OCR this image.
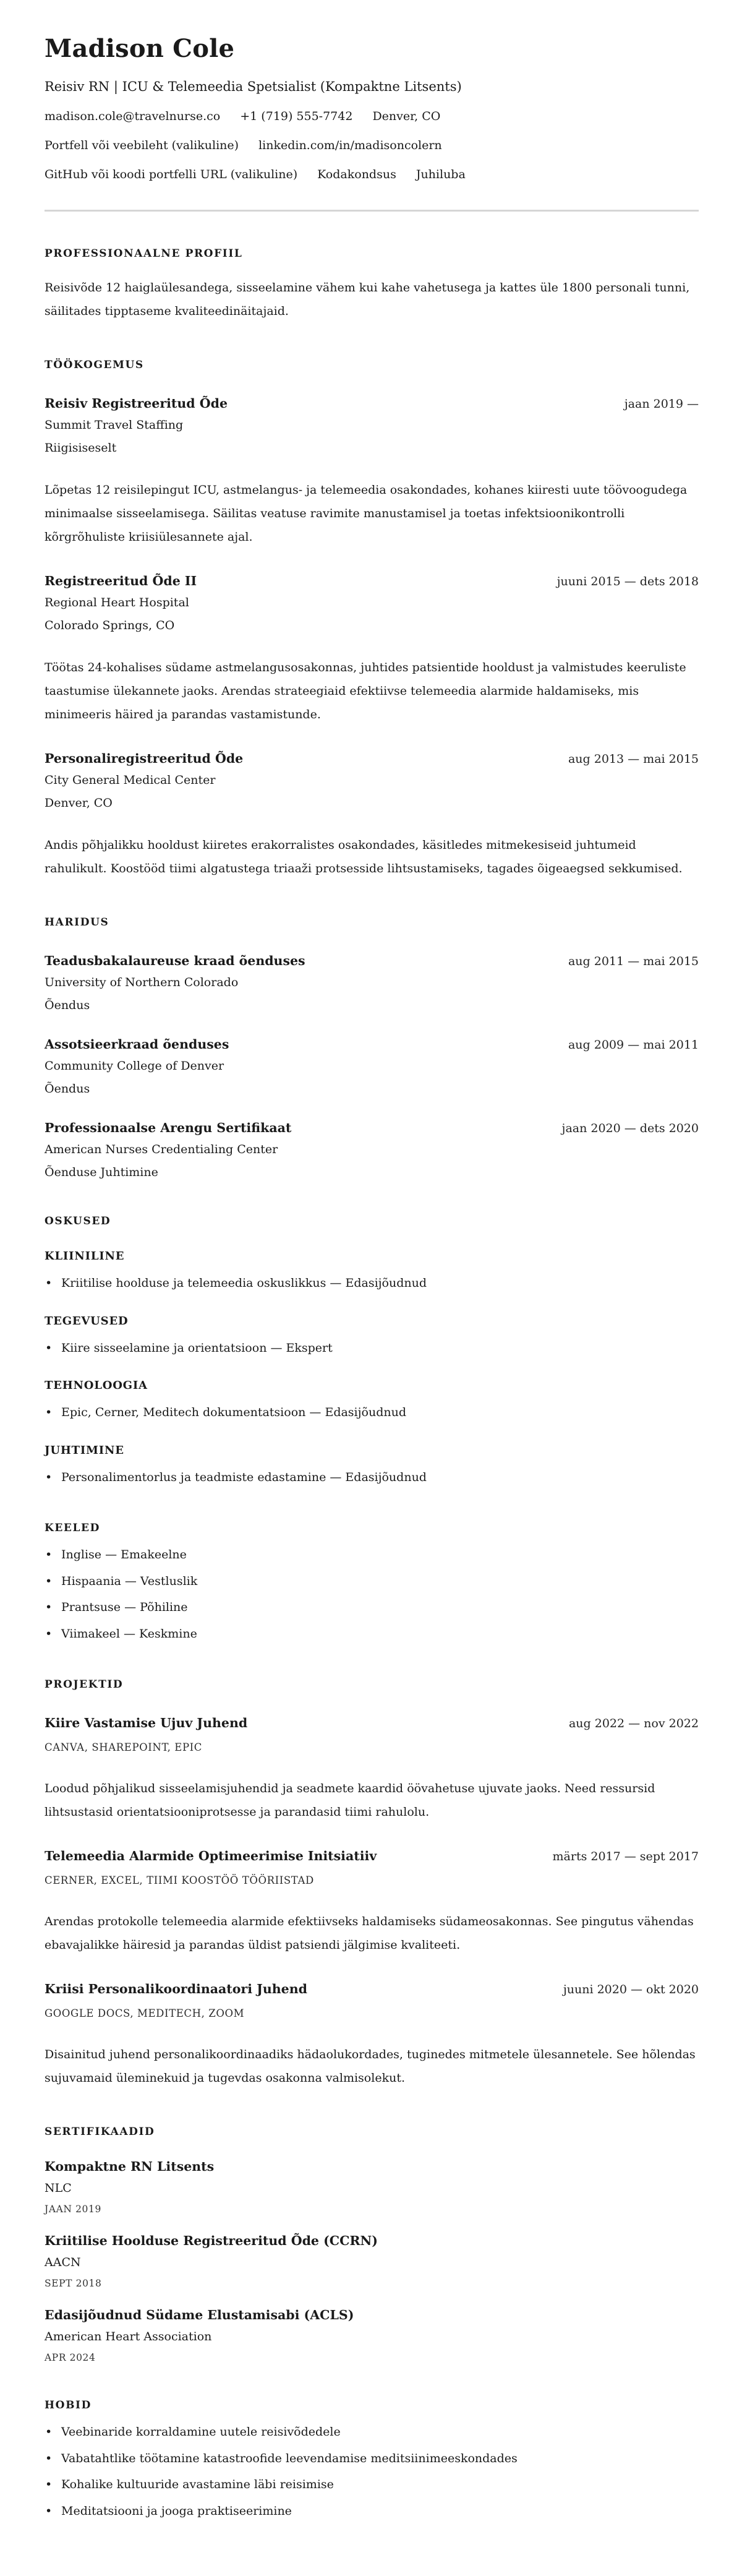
Madison Cole
Reisiv RN | ICU & Telemeedia Spetsialist (Kompaktne Litsents)
madison.cole@travelnurse.co +1 (719) 555-7742 Denver, CO
Portfell või veebileht (valikuline) linkedin.com/in/madisoncolern
GitHub või koodi portfelli URL (valikuline) Kodakondsus Juhiluba
PROFESSIONAALNE PROFIIL

Reisivõde 12 haiglaülesandega, sisseelamine vähem kui kahe vahetusega ja kattes üle 1800 personali tunni, säilitades tipptaseme kvaliteedinäitajaid.

TÖÖKOGEMUS
Reisiv Registreeritud Õde	jaan 2019 —
Summit Travel Staffing
Riigisiseselt

Lõpetas 12 reisilepingut ICU, astmelangus- ja telemeedia osakondades, kohanes kiiresti uute töövoogudega minimaalse sisseelamisega. Säilitas veatuse ravimite manustamisel ja toetas infektsioonikontrolli kõrgrõhuliste kriisiülesannete ajal.

Registreeritud Õde II	juuni 2015 — dets 2018
Regional Heart Hospital
Colorado Springs, CO

Töötas 24-kohalises südame astmelangusosakonnas, juhtides patsientide hooldust ja valmistudes keeruliste taastumise ülekannete jaoks. Arendas strateegiaid efektiivse telemeedia alarmide haldamiseks, mis minimeeris häired ja parandas vastamistunde.

Personaliregistreeritud Õde	aug 2013 — mai 2015
City General Medical Center
Denver, CO

Andis põhjalikku hooldust kiiretes erakorralistes osakondades, käsitledes mitmekesiseid juhtumeid rahulikult. Koostööd tiimi algatustega triaaži protsesside lihtsustamiseks, tagades õigeaegsed sekkumised.

HARIDUS
Teadusbakalaureuse kraad õenduses	aug 2011 — mai 2015
University of Northern Colorado
Õendus
Assotsieerkraad õenduses	aug 2009 — mai 2011
Community College of Denver
Õendus
Professionaalse Arengu Sertifikaat	jaan 2020 — dets 2020
American Nurses Credentialing Center
Õenduse Juhtimine
OSKUSED
KLIINILINE
• Kriitilise hoolduse ja telemeedia oskuslikkus — Edasijõudnud
TEGEVUSED
• Kiire sisseelamine ja orientatsioon — Ekspert
TEHNOLOOGIA
• Epic, Cerner, Meditech dokumentatsioon — Edasijõudnud
JUHTIMINE
• Personalimentorlus ja teadmiste edastamine — Edasijõudnud
KEELED
• Inglise — Emakeelne
• Hispaania — Vestluslik
• Prantsuse — Põhiline
• Viimakeel — Keskmine
PROJEKTID
Kiire Vastamise Ujuv Juhend	aug 2022 — nov 2022
CANVA, SHAREPOINT, EPIC

Loodud põhjalikud sisseelamisjuhendid ja seadmete kaardid öövahetuse ujuvate jaoks. Need ressursid lihtsustasid orientatsiooniprotsesse ja parandasid tiimi rahulolu.

Telemeedia Alarmide Optimeerimise Initsiatiiv	märts 2017 — sept 2017
CERNER, EXCEL, TIIMI KOOSTÖÖ TÖÖRIISTAD

Arendas protokolle telemeedia alarmide efektiivseks haldamiseks südameosakonnas. See pingutus vähendas ebavajalikke häiresid ja parandas üldist patsiendi jälgimise kvaliteeti.

Kriisi Personalikoordinaatori Juhend	juuni 2020 — okt 2020
GOOGLE DOCS, MEDITECH, ZOOM

Disainitud juhend personalikoordinaadiks hädaolukordades, tuginedes mitmetele ülesannetele. See hõlendas sujuvamaid üleminekuid ja tugevdas osakonna valmisolekut.

SERTIFIKAADID
Kompaktne RN Litsents
NLC
JAAN 2019
Kriitilise Hoolduse Registreeritud Õde (CCRN)
AACN
SEPT 2018
Edasijõudnud Südame Elustamisabi (ACLS)
American Heart Association
APR 2024
HOBID
• Veebinaride korraldamine uutele reisivõdedele
• Vabatahtlike töötamine katastroofide leevendamise meditsiinimeeskondades
• Kohalike kultuuride avastamine läbi reisimise
• Meditatsiooni ja jooga praktiseerimine
